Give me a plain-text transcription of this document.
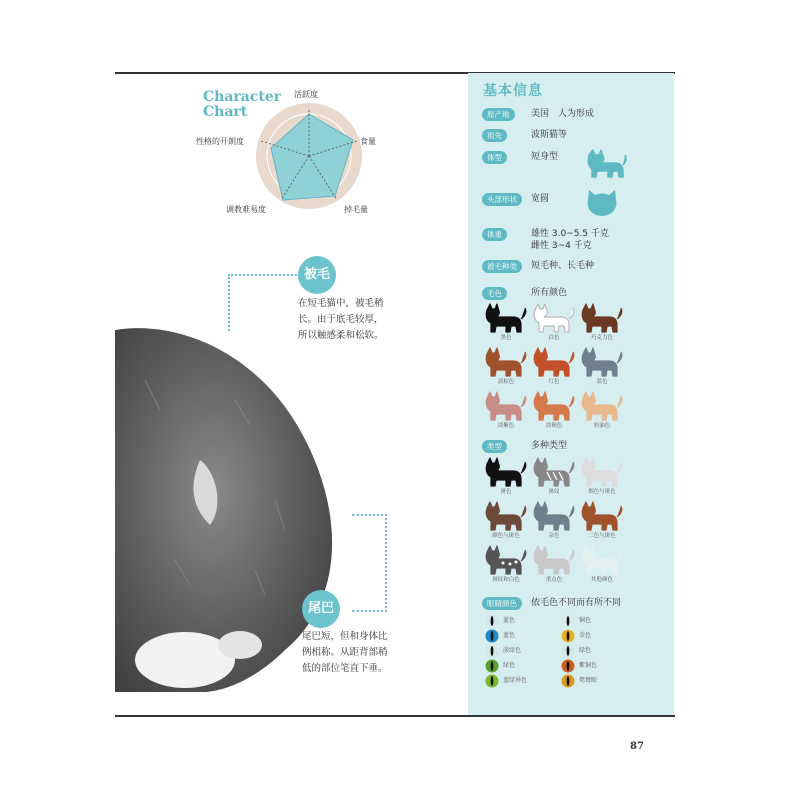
Character
Chart
活跃度
食量
掉毛量
调教难易度
性格的开朗度
被毛
在短毛猫中，被毛稍
长。由于底毛较厚，
所以触感柔和松软。
尾巴
尾巴短，但和身体比
例相称。从距背部稍
低的部位笔直下垂。
基本信息
原产地	美国　人为形成
祖先	波斯猫等
体型	短身型
头部形状	宽圆
体重	雄性 3.0~5.5 千克
雌性 3~4 千克
被毛种类	短毛种、长毛种
毛色	所有颜色
黑色	白色	巧克力色
淡棕色	红色	蓝色
淡紫色	淡褐色	奶油色
类型	多种类型
斑色	斑纹	烟色与斑色
颜色与斑色	杂色	三色与斑色
斑纹和白色	重点色	其他颜色
眼睛颜色	依毛色不同而有所不同
蓝色	铜色
蓝色	金色
淡绿色	绿色
绿色	紫铜色
蓝绿异色	鸳鸯眼
87
